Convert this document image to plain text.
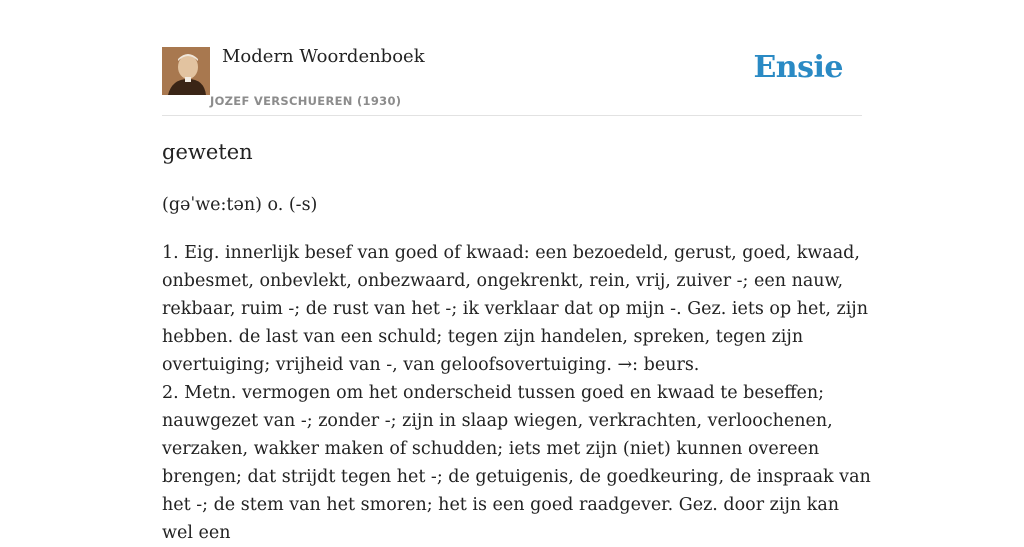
Modern Woordenboek
JOZEF VERSCHUEREN (1930)
Ensie
geweten
(gəˈwe:tən) o. (-s)

1. Eig. innerlijk besef van goed of kwaad: een bezoedeld, gerust, goed, kwaad, onbesmet, onbevlekt, onbezwaard, ongekrenkt, rein, vrij, zuiver -; een nauw, rekbaar, ruim -; de rust van het -; ik verklaar dat op mijn -. Gez. iets op het, zijn hebben. de last van een schuld; tegen zijn handelen, spreken, tegen zijn overtuiging; vrijheid van -, van geloofsovertuiging. →: beurs.

2. Metn. vermogen om het onderscheid tussen goed en kwaad te beseffen; nauwgezet van -; zonder -; zijn in slaap wiegen, verkrachten, verloochenen, verzaken, wakker maken of schudden; iets met zijn (niet) kunnen overeen brengen; dat strijdt tegen het -; de getuigenis, de goedkeuring, de inspraak van het -; de stem van het smoren; het is een goed raadgever. Gez. door zijn kan wel een
